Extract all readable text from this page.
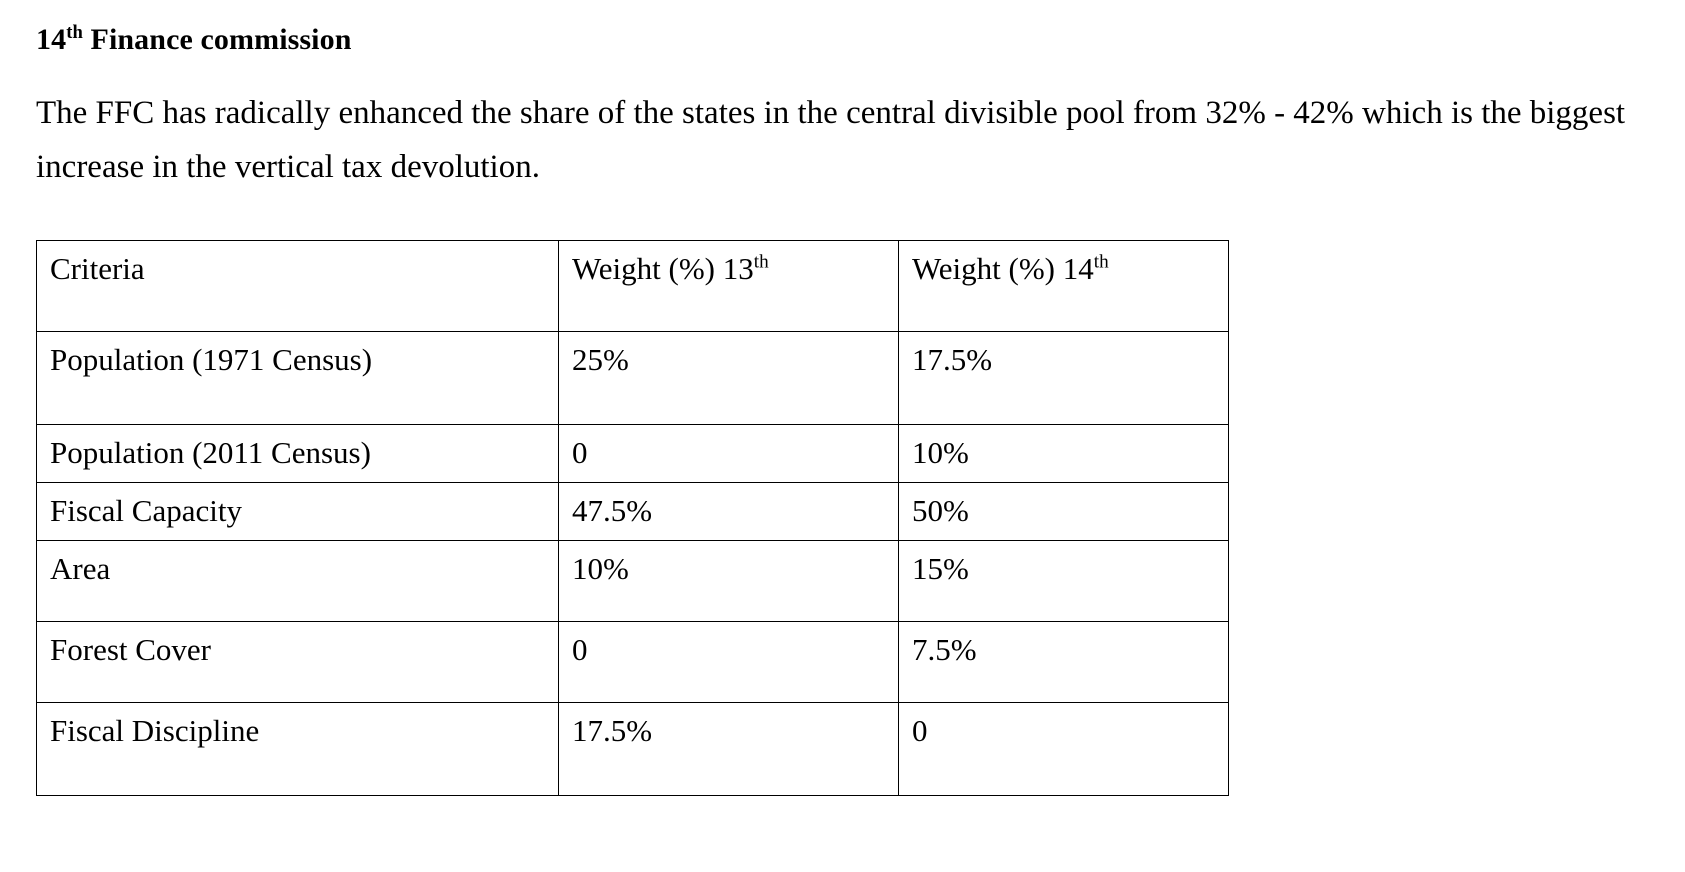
14th Finance commission

The FFC has radically enhanced the share of the states in the central divisible pool from 32% - 42% which is the biggest increase in the vertical tax devolution.

Criteria	Weight (%) 13th	Weight (%) 14th
Population (1971 Census)	25%	17.5%
Population (2011 Census)	0	10%
Fiscal Capacity	47.5%	50%
Area	10%	15%
Forest Cover	0	7.5%
Fiscal Discipline	17.5%	0
